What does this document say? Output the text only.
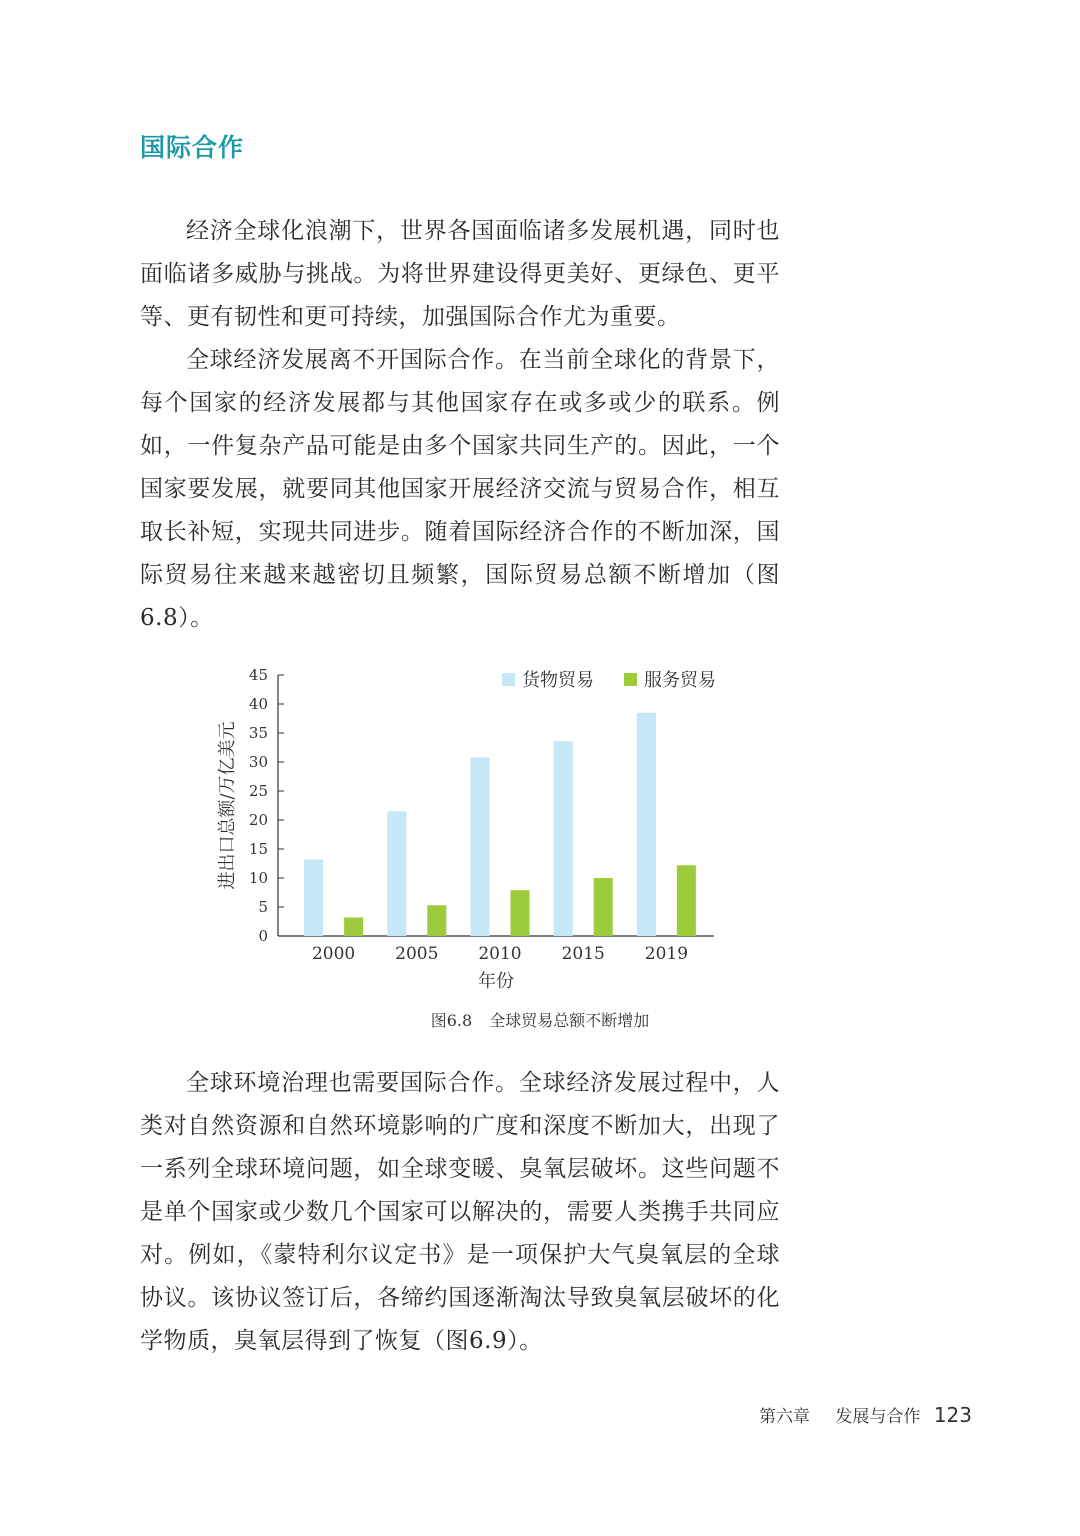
国际合作

经济全球化浪潮下，世界各国面临诸多发展机遇，同时也面临诸多威胁与挑战。为将世界建设得更美好、更绿色、更平等、更有韧性和更可持续，加强国际合作尤为重要。

全球经济发展离不开国际合作。在当前全球化的背景下，每个国家的经济发展都与其他国家存在或多或少的联系。例如，一件复杂产品可能是由多个国家共同生产的。因此，一个国家要发展，就要同其他国家开展经济交流与贸易合作，相互取长补短，实现共同进步。随着国际经济合作的不断加深，国际贸易往来越来越密切且频繁，国际贸易总额不断增加（图6.8）。

0
5
10
15
20
25
30
35
40
45
2000 2005 2010 2015 2019
年份
进出口总额/万亿美元
货物贸易	服务贸易

图6.8 全球贸易总额不断增加

全球环境治理也需要国际合作。全球经济发展过程中，人类对自然资源和自然环境影响的广度和深度不断加大，出现了一系列全球环境问题，如全球变暖、臭氧层破坏。这些问题不是单个国家或少数几个国家可以解决的，需要人类携手共同应对。例如，《蒙特利尔议定书》是一项保护大气臭氧层的全球协议。该协议签订后，各缔约国逐渐淘汰导致臭氧层破坏的化学物质，臭氧层得到了恢复（图6.9）。

第六章 发展与合作 123
